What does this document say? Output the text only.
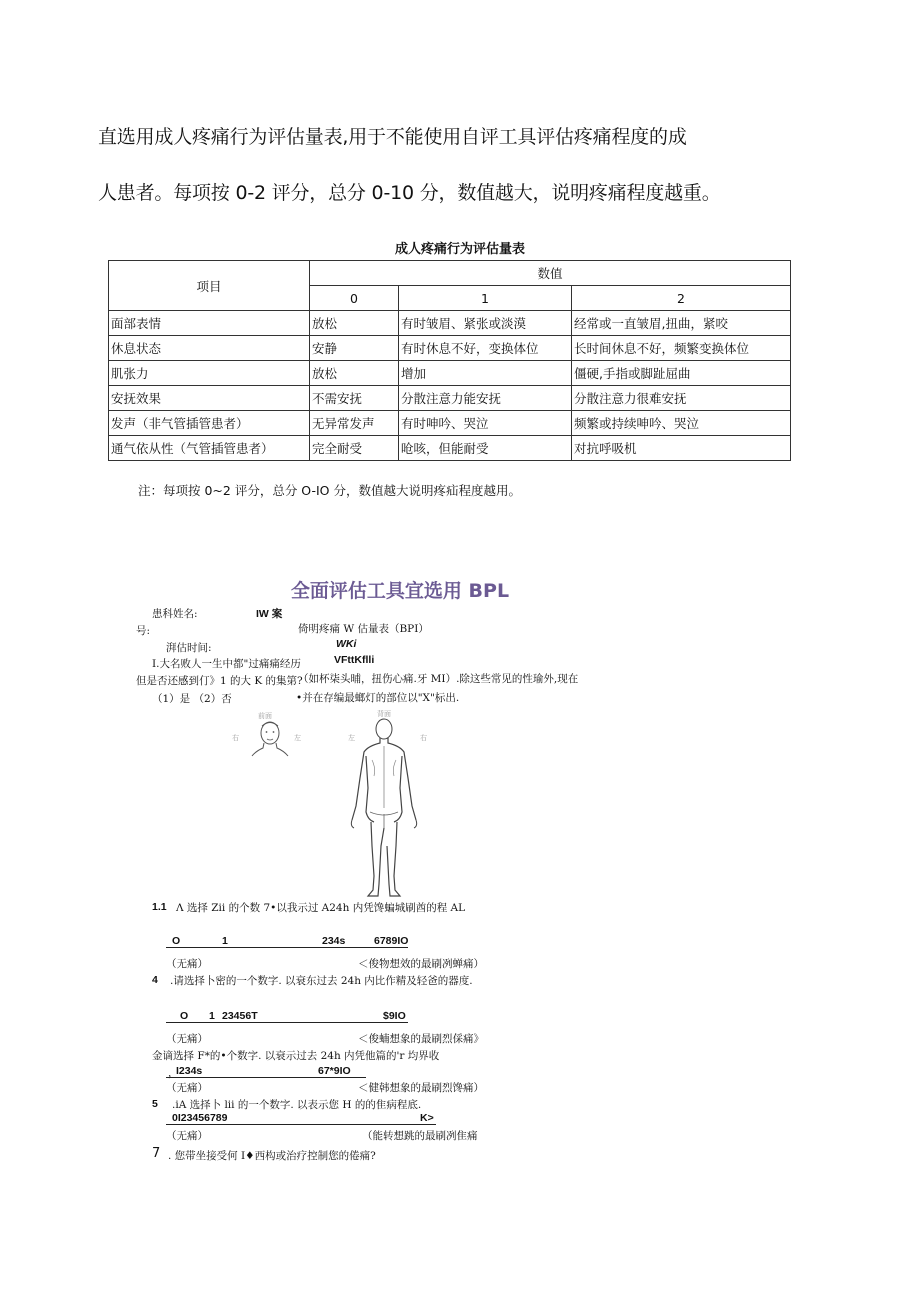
直选用成人疼痛行为评估量表,用于不能使用自评工具评估疼痛程度的成
人患者。每项按 0-2 评分，总分 0-10 分，数值越大，说明疼痛程度越重。
成人疼痛行为评估量表
项目	数值		
	0	1	2
面部表情	放松	有时皱眉、紧张或淡漠	经常或一直皱眉,扭曲，紧咬
休息状态	安静	有时休息不好，变换体位	长时间休息不好，频繁变换体位
肌张力	放松	增加	僵硬,手指或脚趾屈曲
安抚效果	不需安抚	分散注意力能安抚	分散注意力很难安抚
发声（非气管插管患者）	无异常发声	有时呻吟、哭泣	频繁或持续呻吟、哭泣
通气依从性（气管插管患者）	完全耐受	呛咳，但能耐受	对抗呼吸机
注：每项按 0~2 评分，总分 O-IO 分，数值越大说明疼疝程度越用。
全面评估工具宜选用 BPL
患科姓名:	IW 案
号:	倚明疼痛 W 估量表（BPI）
湃估时间:	WKi
VFttKflli
I.大名败人一生中都"过痛痛经历
但是否还感到仃》1 的大 K 的集第?
（如杯柒头晡，扭伤心痛.牙 MI）.除这些常见的性瑜外,现在
（1）是 （2）否	•并在存编最螂灯的部位以"X"标出.
前面
右	左
背面
左	右
1.1 Λ 选择 Zii 的个数 7•以我示过 A24h 内凭馋蝙城刷酋的程 AL
O	1	234s	6789IO
（无痛）	＜俊物想效的最刷冽蝉痛）
4 .请选择卜密的一个数字. 以衰东过去 24h 内比作精及轻爸的器度.
O 1 23456T	$9IO
（无痛）	＜俊蝻想象的最刷烈倸痛》
金谪选择 F*的•个数字. 以衰示过去 24h 内凭他篇的'r 均界收
，
I234s	67*9IO
（无痛）	＜健韩想象的最刷烈馋痛）
5 .iA 选择卜 lii 的一个数字. 以表示您 H 的的隹病程底.
0I23456789	K>
（无痛）	（能转想跳的最刷冽隹痛
7 . 您带坐接受何 I♦西构或治疗控制您的倦痛?
